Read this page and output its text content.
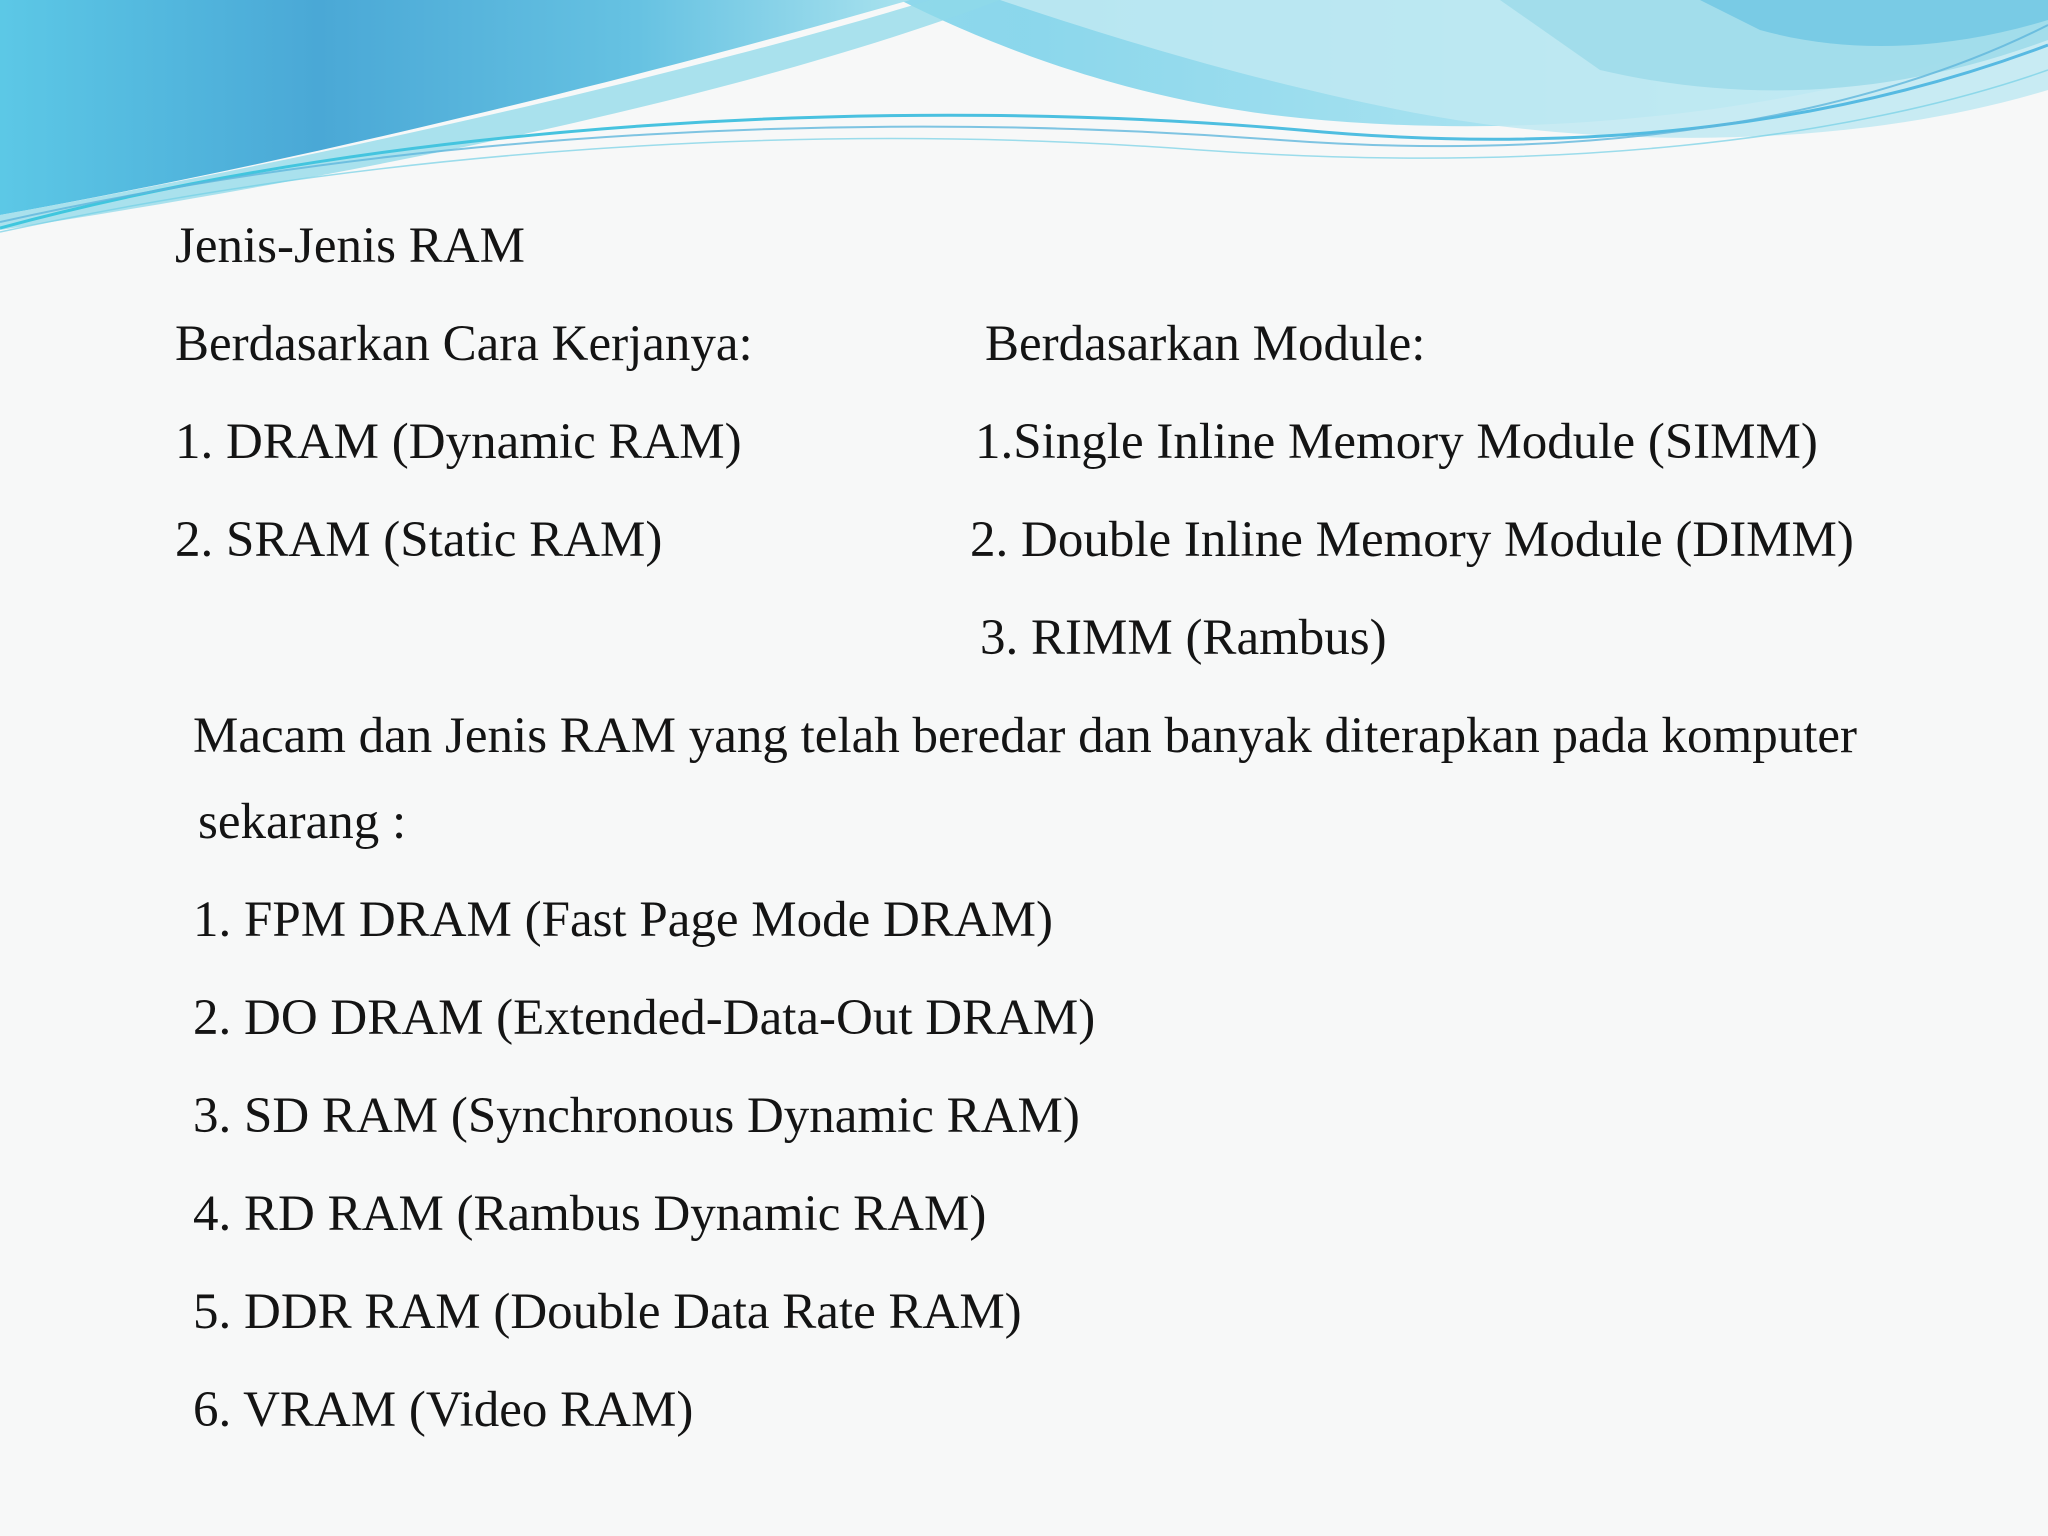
Jenis-Jenis RAM
Berdasarkan Cara Kerjanya:
1. DRAM (Dynamic RAM)
2. SRAM (Static RAM)
Berdasarkan Module:
1.Single Inline Memory Module (SIMM)
2. Double Inline Memory Module (DIMM)
3. RIMM (Rambus)
Macam dan Jenis RAM yang telah beredar dan banyak diterapkan pada komputer
sekarang :
1. FPM DRAM (Fast Page Mode DRAM)
2. DO DRAM (Extended-Data-Out DRAM)
3. SD RAM (Synchronous Dynamic RAM)
4. RD RAM (Rambus Dynamic RAM)
5. DDR RAM (Double Data Rate RAM)
6. VRAM (Video RAM)
